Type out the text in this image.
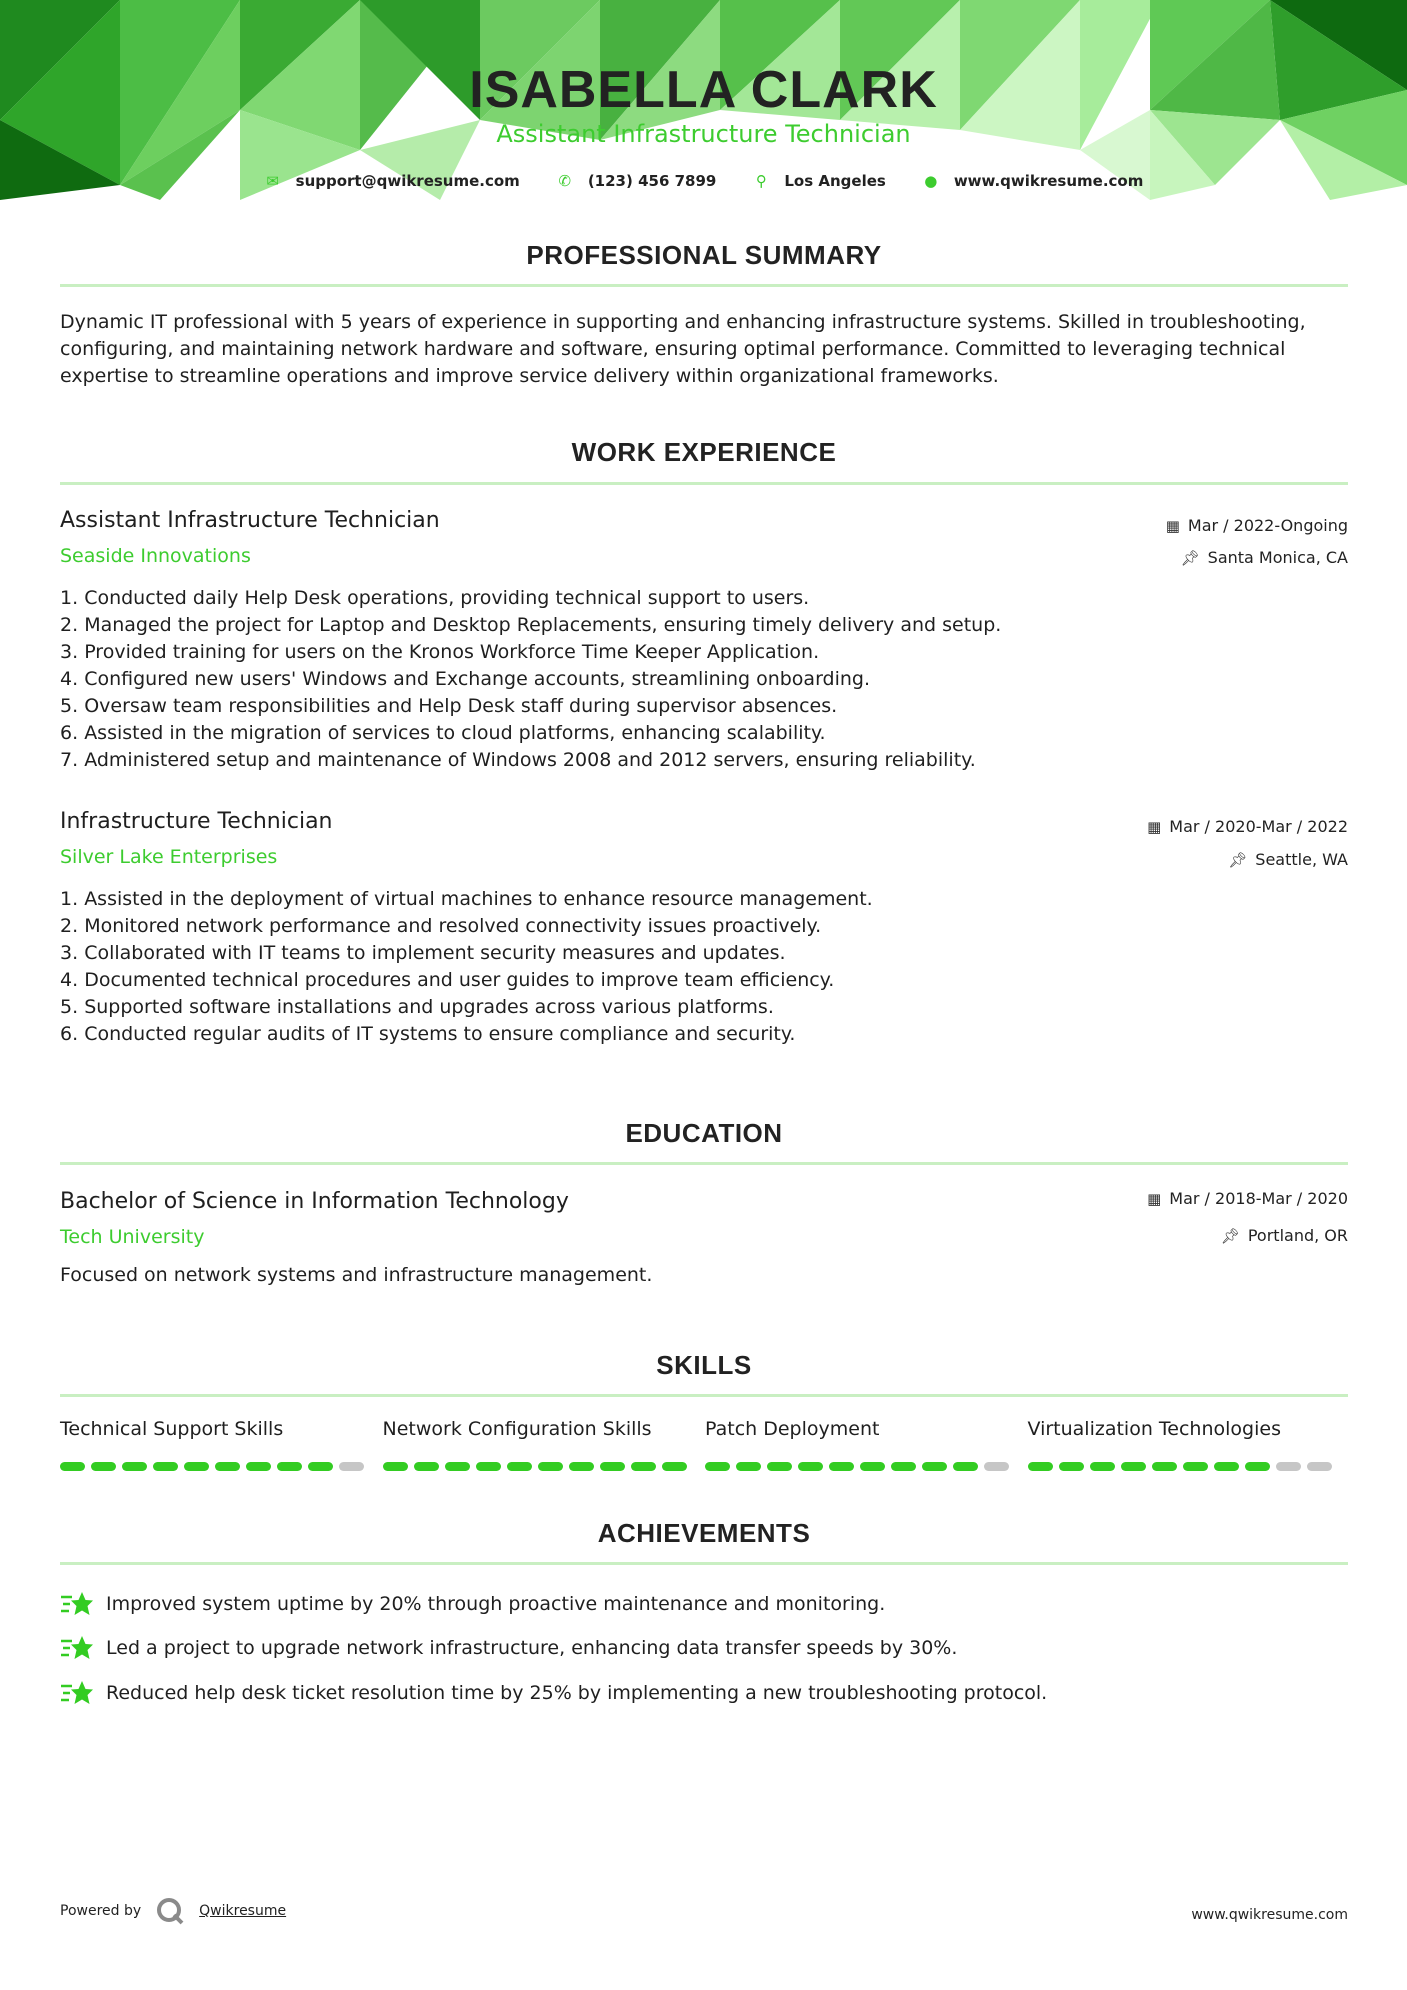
ISABELLA CLARK
Assistant Infrastructure Technician
✉ support@qwikresume.com	✆ (123) 456 7899	⚲ Los Angeles	● www.qwikresume.com
PROFESSIONAL SUMMARY
Dynamic IT professional with 5 years of experience in supporting and enhancing infrastructure systems. Skilled in troubleshooting, configuring, and maintaining network hardware and software, ensuring optimal performance. Committed to leveraging technical expertise to streamline operations and improve service delivery within organizational frameworks.
WORK EXPERIENCE
Assistant Infrastructure Technician	▦ Mar / 2022-Ongoing
Seaside Innovations	📌︎ Santa Monica, CA
Conducted daily Help Desk operations, providing technical support to users.
Managed the project for Laptop and Desktop Replacements, ensuring timely delivery and setup.
Provided training for users on the Kronos Workforce Time Keeper Application.
Configured new users' Windows and Exchange accounts, streamlining onboarding.
Oversaw team responsibilities and Help Desk staff during supervisor absences.
Assisted in the migration of services to cloud platforms, enhancing scalability.
Administered setup and maintenance of Windows 2008 and 2012 servers, ensuring reliability.
Infrastructure Technician	▦ Mar / 2020-Mar / 2022
Silver Lake Enterprises	📌︎ Seattle, WA
Assisted in the deployment of virtual machines to enhance resource management.
Monitored network performance and resolved connectivity issues proactively.
Collaborated with IT teams to implement security measures and updates.
Documented technical procedures and user guides to improve team efficiency.
Supported software installations and upgrades across various platforms.
Conducted regular audits of IT systems to ensure compliance and security.
EDUCATION
Bachelor of Science in Information Technology	▦ Mar / 2018-Mar / 2020
Tech University	📌︎ Portland, OR
Focused on network systems and infrastructure management.
SKILLS
Technical Support Skills	Network Configuration Skills	Patch Deployment	Virtualization Technologies
ACHIEVEMENTS
Improved system uptime by 20% through proactive maintenance and monitoring.
Led a project to upgrade network infrastructure, enhancing data transfer speeds by 30%.
Reduced help desk ticket resolution time by 25% by implementing a new troubleshooting protocol.
Powered by	Qwikresume	www.qwikresume.com
